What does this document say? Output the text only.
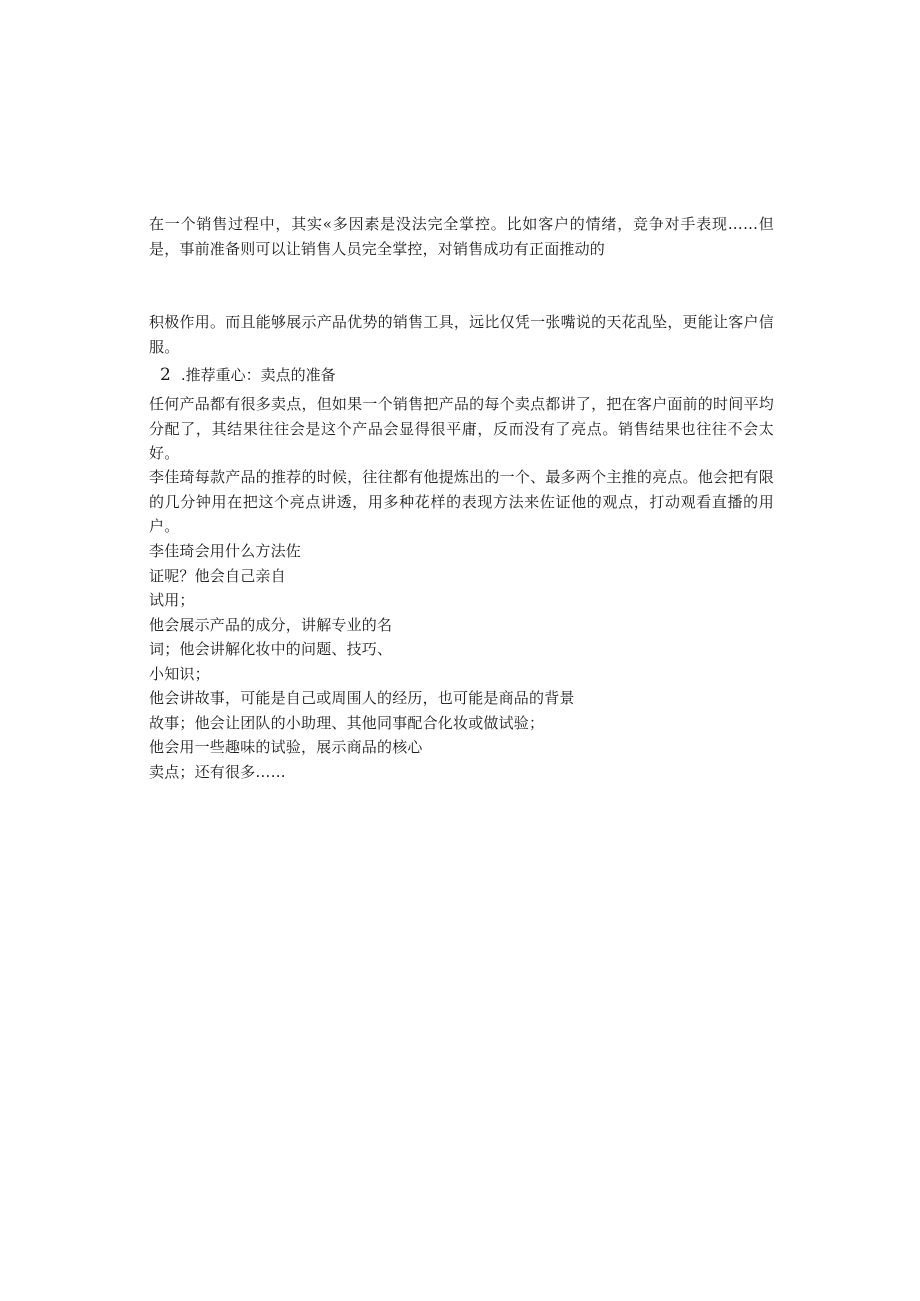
在一个销售过程中，其实«多因素是没法完全掌控。比如客户的情绪，竞争对手表现……但是，事前准备则可以让销售人员完全掌控，对销售成功有正面推动的

积极作用。而且能够展示产品优势的销售工具，远比仅凭一张嘴说的天花乱坠，更能让客户信服。

2 .推荐重心：卖点的准备

任何产品都有很多卖点，但如果一个销售把产品的每个卖点都讲了，把在客户面前的时间平均分配了，其结果往往会是这个产品会显得很平庸，反而没有了亮点。销售结果也往往不会太好。

李佳琦每款产品的推荐的时候，往往都有他提炼出的一个、最多两个主推的亮点。他会把有限的几分钟用在把这个亮点讲透，用多种花样的表现方法来佐证他的观点，打动观看直播的用户。

李佳琦会用什么方法佐
证呢？他会自己亲自
试用；
他会展示产品的成分，讲解专业的名
词；他会讲解化妆中的问题、技巧、
小知识；
他会讲故事，可能是自己或周围人的经历，也可能是商品的背景
故事；他会让团队的小助理、其他同事配合化妆或做试验；
他会用一些趣味的试验，展示商品的核心
卖点；还有很多……
